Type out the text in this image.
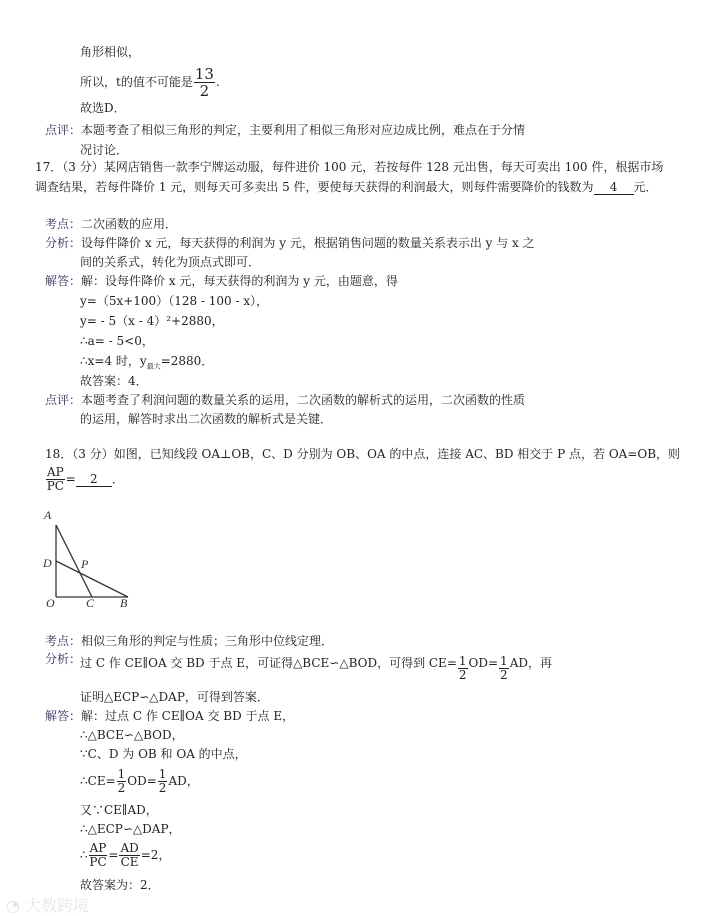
角形相似，
所以，t的值不可能是 $\frac{13}{2}$ .
故选D．
点评：本题考查了相似三角形的判定，主要利用了相似三角形对应边成比例，难点在于分情
况讨论．
17．（3 分）某网店销售一款李宁牌运动服，每件进价 100 元，若按每件 128 元出售，每天可卖出 100 件，根据市场
调查结果，若每件降价 1 元，则每天可多卖出 5 件，要使每天获得的利润最大，则每件需要降价的钱数为 4 元．
考点：二次函数的应用．
分析：设每件降价 x 元，每天获得的利润为 y 元，根据销售问题的数量关系表示出 y 与 x 之
间的关系式，转化为顶点式即可．
解答：解：设每件降价 x 元，每天获得的利润为 y 元，由题意，得
y=（5x+100）（128 - 100 - x），
y= - 5（x - 4）²+2880，
∴a= - 5<0，
∴x=4 时，$y_{最大}=2880$．
故答案：4．
点评：本题考查了利润问题的数量关系的运用，二次函数的解析式的运用，二次函数的性质
的运用，解答时求出二次函数的解析式是关键．
18．（3 分）如图，已知线段 OA⊥OB，C、D 分别为 OB、OA 的中点，连接 AC、BD 相交于 P 点，若 OA=OB，则
$\frac{AP}{PC} = 2$ ．
A
D P
O	C B
考点：相似三角形的判定与性质；三角形中位线定理．
分析：
过 C 作 CE∥OA 交 BD 于点 E，可证得△BCE∽△BOD，可得到 $CE= \frac{1}{2} OD= \frac{1}{2}$ AD，再
证明△ECP∽△DAP，可得到答案．
解答：解：过点 C 作 CE∥OA 交 BD 于点 E，
∴△BCE∽△BOD，
∵C、D 为 OB 和 OA 的中点，
∴CE= $\frac{1}{2} OD= \frac{1}{2}$ AD，
又∵CE∥AD，
∴△ECP∽△DAP，
∴ $\frac{AP}{PC} = \frac{AD}{CE} =2$，
故答案为：2．
◔ 大数跨境
